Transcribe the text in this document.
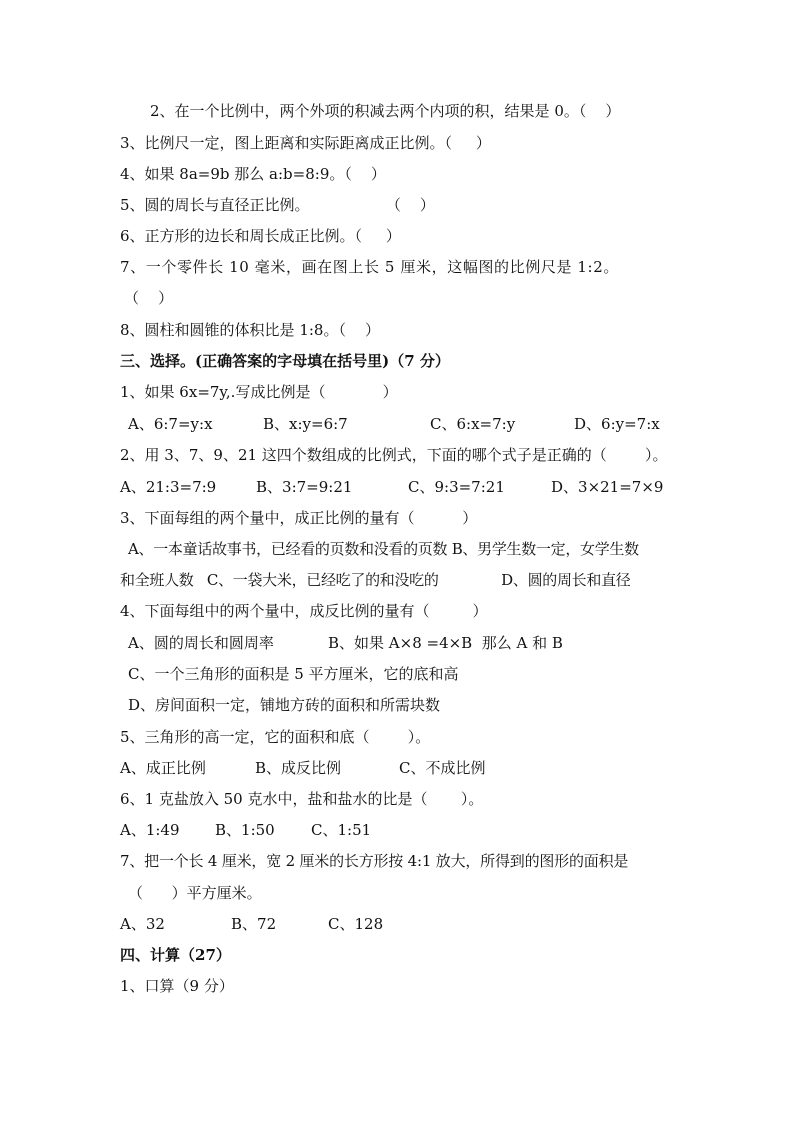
2、在一个比例中，两个外项的积减去两个内项的积，结果是 0。（    ）
3、比例尺一定，图上距离和实际距离成正比例。（     ）
4、如果 8a=9b 那么 a:b=8:9。（    ）
5、圆的周长与直径正比例。                （    ）
6、正方形的边长和周长成正比例。（     ）
7、一个零件长 10 毫米，画在图上长 5 厘米，这幅图的比例尺是 1:2。
（    ）
8、圆柱和圆锥的体积比是 1:8。（    ）
三、选择。(正确答案的字母填在括号里)（7 分）
1、如果 6x=7y,.写成比例是（            ）
A、6:7=y:x	B、x:y=6:7	C、6:x=7:y	D、6:y=7:x
2、用 3、7、9、21 这四个数组成的比例式，下面的哪个式子是正确的（        ）。
A、21:3=7:9	B、3:7=9:21	C、9:3=7:21	D、3×21=7×9
3、下面每组的两个量中，成正比例的量有（          ）
A、一本童话故事书，已经看的页数和没看的页数 B、男学生数一定，女学生数
和全班人数   C、一袋大米，已经吃了的和没吃的              D、圆的周长和直径
4、下面每组中的两个量中，成反比例的量有（         ）
A、圆的周长和圆周率	B、如果 A×8 =4×B  那么 A 和 B
C、一个三角形的面积是 5 平方厘米，它的底和高
D、房间面积一定，铺地方砖的面积和所需块数
5、三角形的高一定，它的面积和底（        ）。
A、成正比例	B、成反比例	C、不成比例
6、1 克盐放入 50 克水中，盐和盐水的比是（       ）。
A、1:49 B、1:50 C、1:51
7、把一个长 4 厘米，宽 2 厘米的长方形按 4:1 放大，所得到的图形的面积是
（      ）平方厘米。
A、32	B、72	C、128
四、计算（27）
1、口算（9 分）
